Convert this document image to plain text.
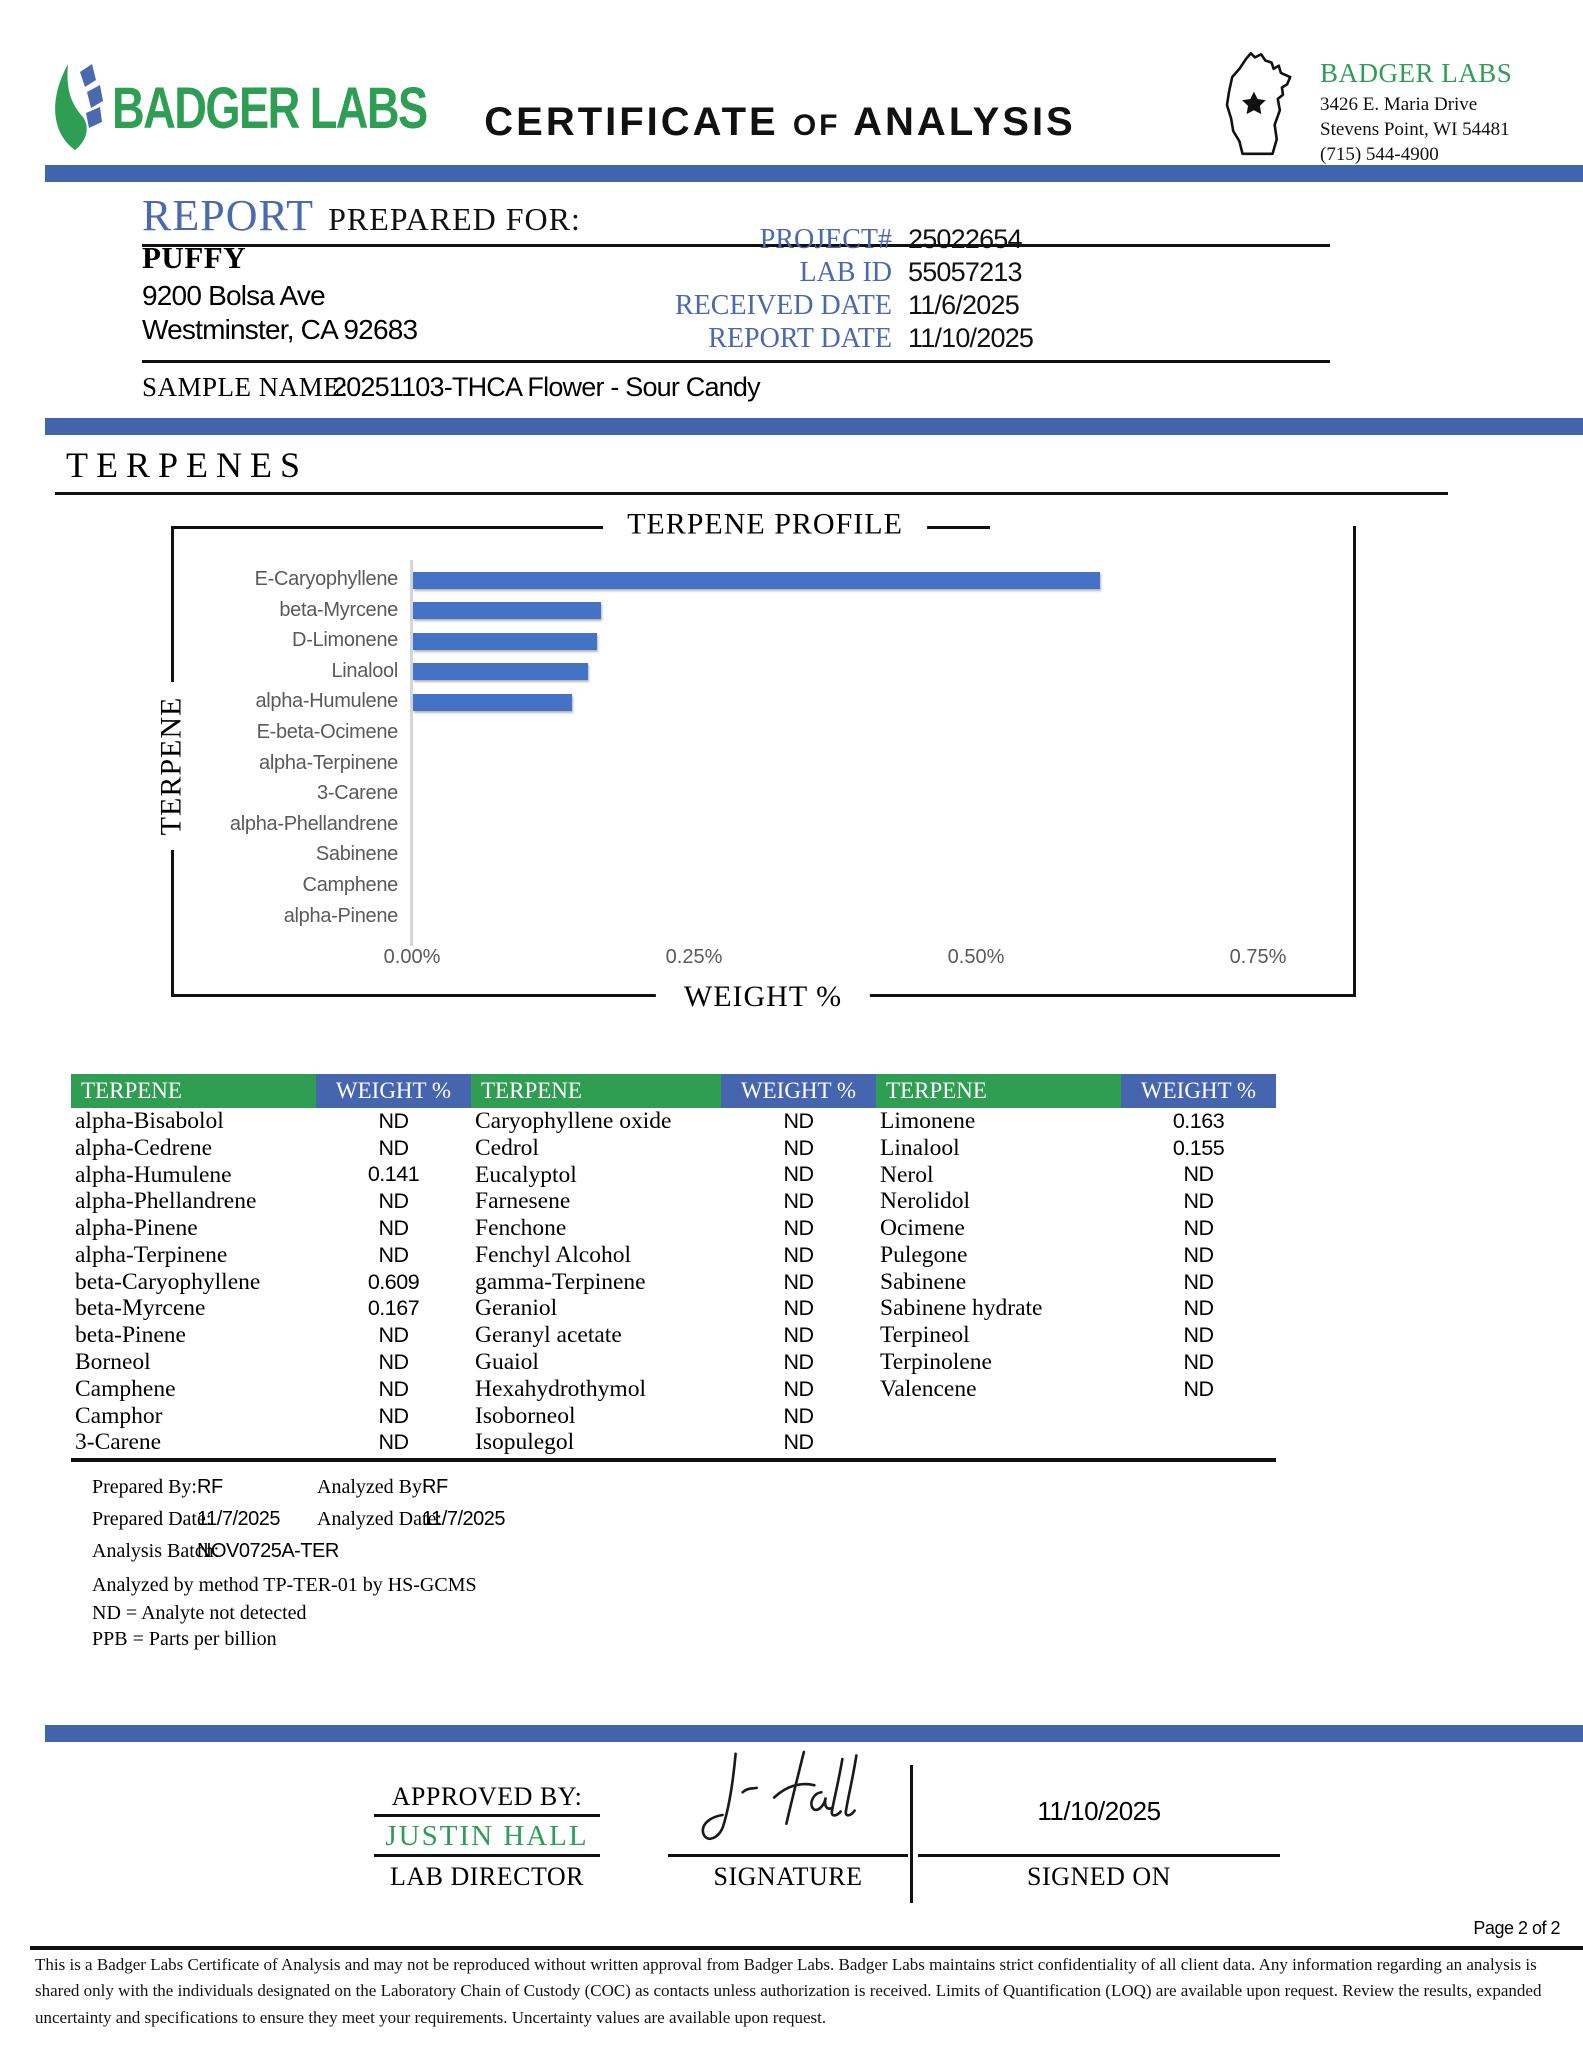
BADGER LABS	CERTIFICATE OF ANALYSIS
BADGER LABS
3426 E. Maria Drive
Stevens Point, WI 54481
(715) 544-4900
REPORT PREPARED FOR:
PUFFY
9200 Bolsa Ave
Westminster, CA 92683
PROJECT# 25022654
LAB ID 55057213
RECEIVED DATE 11/6/2025
REPORT DATE 11/10/2025
SAMPLE NAME:
20251103-THCA Flower - Sour Candy
TERPENES
TERPENE PROFILE
WEIGHT %
TERPENE
E-Caryophyllene
beta-Myrcene
D-Limonene
Linalool
alpha-Humulene
E-beta-Ocimene
alpha-Terpinene
3-Carene
alpha-Phellandrene
Sabinene
Camphene
alpha-Pinene
0.00%	0.25%	0.50%	0.75%
TERPENE	WEIGHT %
alpha-Bisabolol	ND
alpha-Cedrene	ND
alpha-Humulene	0.141
alpha-Phellandrene	ND
alpha-Pinene	ND
alpha-Terpinene	ND
beta-Caryophyllene	0.609
beta-Myrcene	0.167
beta-Pinene	ND
Borneol	ND
Camphene	ND
Camphor	ND
3-Carene	ND
TERPENE	WEIGHT %
Caryophyllene oxide	ND
Cedrol	ND
Eucalyptol	ND
Farnesene	ND
Fenchone	ND
Fenchyl Alcohol	ND
gamma-Terpinene	ND
Geraniol	ND
Geranyl acetate	ND
Guaiol	ND
Hexahydrothymol	ND
Isoborneol	ND
Isopulegol	ND
TERPENE	WEIGHT %
Limonene	0.163
Linalool	0.155
Nerol	ND
Nerolidol	ND
Ocimene	ND
Pulegone	ND
Sabinene	ND
Sabinene hydrate	ND
Terpineol	ND
Terpinolene	ND
Valencene	ND
Prepared By: RF	Analyzed By:
RF
Prepared Date:
11/7/2025 Analyzed Date:
11/7/2025
Analysis Batch:
NOV0725A-TER
Analyzed by method TP-TER-01 by HS-GCMS
ND = Analyte not detected
PPB = Parts per billion
APPROVED BY:
JUSTIN HALL
LAB DIRECTOR	SIGNATURE
11/10/2025
SIGNED ON
Page 2 of 2
This is a Badger Labs Certificate of Analysis and may not be reproduced without written approval from Badger Labs. Badger Labs maintains strict confidentiality of all client data. Any information regarding an analysis is shared only with the individuals designated on the Laboratory Chain of Custody (COC) as contacts unless authorization is received. Limits of Quantification (LOQ) are available upon request. Review the results, expanded uncertainty and specifications to ensure they meet your requirements. Uncertainty values are available upon request.
